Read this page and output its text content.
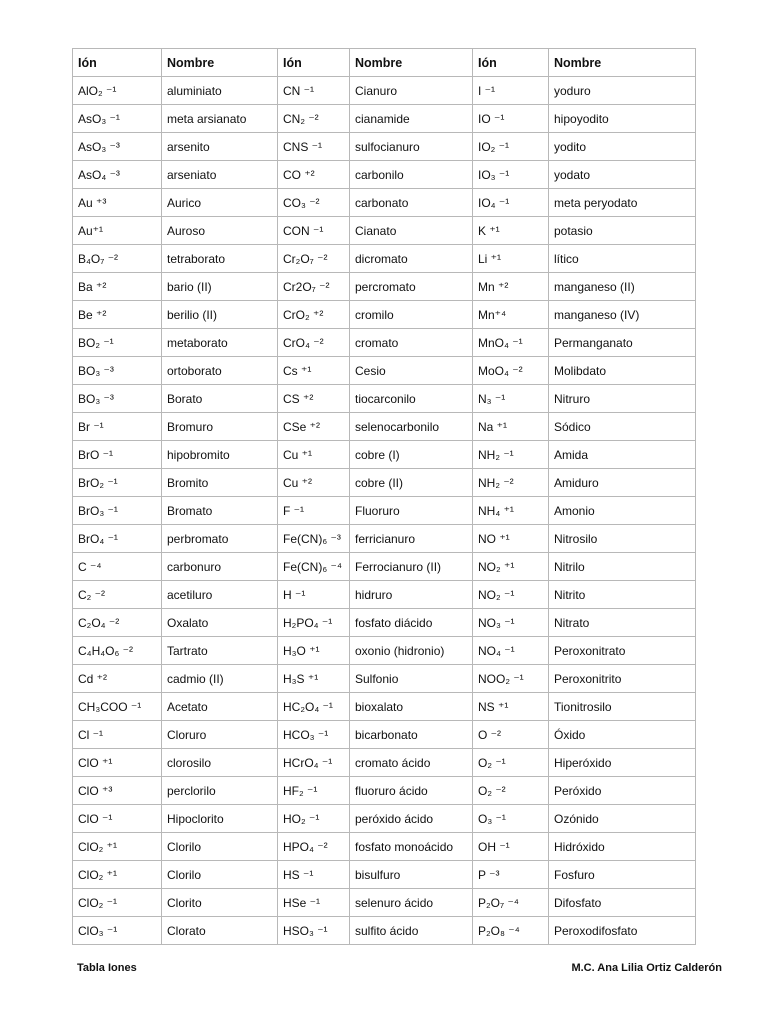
Ión	Nombre	Ión	Nombre	Ión	Nombre
AlO₂ ⁻¹	aluminiato	CN ⁻¹	Cianuro	I ⁻¹	yoduro
AsO₃ ⁻¹	meta arsianato	CN₂ ⁻²	cianamide	IO ⁻¹	hipoyodito
AsO₃ ⁻³	arsenito	CNS ⁻¹	sulfocianuro	IO₂ ⁻¹	yodito
AsO₄ ⁻³	arseniato	CO ⁺²	carbonilo	IO₃ ⁻¹	yodato
Au ⁺³	Aurico	CO₃ ⁻²	carbonato	IO₄ ⁻¹	meta peryodato
Au⁺¹	Auroso	CON ⁻¹	Cianato	K ⁺¹	potasio
B₄O₇ ⁻²	tetraborato	Cr₂O₇ ⁻²	dicromato	Li ⁺¹	lítico
Ba ⁺²	bario (II)	Cr2O₇ ⁻²	percromato	Mn ⁺²	manganeso (II)
Be ⁺²	berilio (II)	CrO₂ ⁺²	cromilo	Mn⁺⁴	manganeso (IV)
BO₂ ⁻¹	metaborato	CrO₄ ⁻²	cromato	MnO₄ ⁻¹	Permanganato
BO₃ ⁻³	ortoborato	Cs ⁺¹	Cesio	MoO₄ ⁻²	Molibdato
BO₃ ⁻³	Borato	CS ⁺²	tiocarconilo	N₃ ⁻¹	Nitruro
Br ⁻¹	Bromuro	CSe ⁺²	selenocarbonilo	Na ⁺¹	Sódico
BrO ⁻¹	hipobromito	Cu ⁺¹	cobre (I)	NH₂ ⁻¹	Amida
BrO₂ ⁻¹	Bromito	Cu ⁺²	cobre (II)	NH₂ ⁻²	Amiduro
BrO₃ ⁻¹	Bromato	F ⁻¹	Fluoruro	NH₄ ⁺¹	Amonio
BrO₄ ⁻¹	perbromato	Fe(CN)₆ ⁻³	ferricianuro	NO ⁺¹	Nitrosilo
C ⁻⁴	carbonuro	Fe(CN)₆ ⁻⁴	Ferrocianuro (II)	NO₂ ⁺¹	Nitrilo
C₂ ⁻²	acetiluro	H ⁻¹	hidruro	NO₂ ⁻¹	Nitrito
C₂O₄ ⁻²	Oxalato	H₂PO₄ ⁻¹	fosfato diácido	NO₃ ⁻¹	Nitrato
C₄H₄O₆ ⁻²	Tartrato	H₃O ⁺¹	oxonio (hidronio)	NO₄ ⁻¹	Peroxonitrato
Cd ⁺²	cadmio (II)	H₃S ⁺¹	Sulfonio	NOO₂ ⁻¹	Peroxonitrito
CH₃COO ⁻¹	Acetato	HC₂O₄ ⁻¹	bioxalato	NS ⁺¹	Tionitrosilo
Cl ⁻¹	Cloruro	HCO₃ ⁻¹	bicarbonato	O ⁻²	Óxido
ClO ⁺¹	clorosilo	HCrO₄ ⁻¹	cromato ácido	O₂ ⁻¹	Hiperóxido
ClO ⁺³	perclorilo	HF₂ ⁻¹	fluoruro ácido	O₂ ⁻²	Peróxido
ClO ⁻¹	Hipoclorito	HO₂ ⁻¹	peróxido ácido	O₃ ⁻¹	Ozónido
ClO₂ ⁺¹	Clorilo	HPO₄ ⁻²	fosfato monoácido	OH ⁻¹	Hidróxido
ClO₂ ⁺¹	Clorilo	HS ⁻¹	bisulfuro	P ⁻³	Fosfuro
ClO₂ ⁻¹	Clorito	HSe ⁻¹	selenuro ácido	P₂O₇ ⁻⁴	Difosfato
ClO₃ ⁻¹	Clorato	HSO₃ ⁻¹	sulfito ácido	P₂O₈ ⁻⁴	Peroxodifosfato
Tabla Iones	M.C. Ana Lilia Ortiz Calderón
